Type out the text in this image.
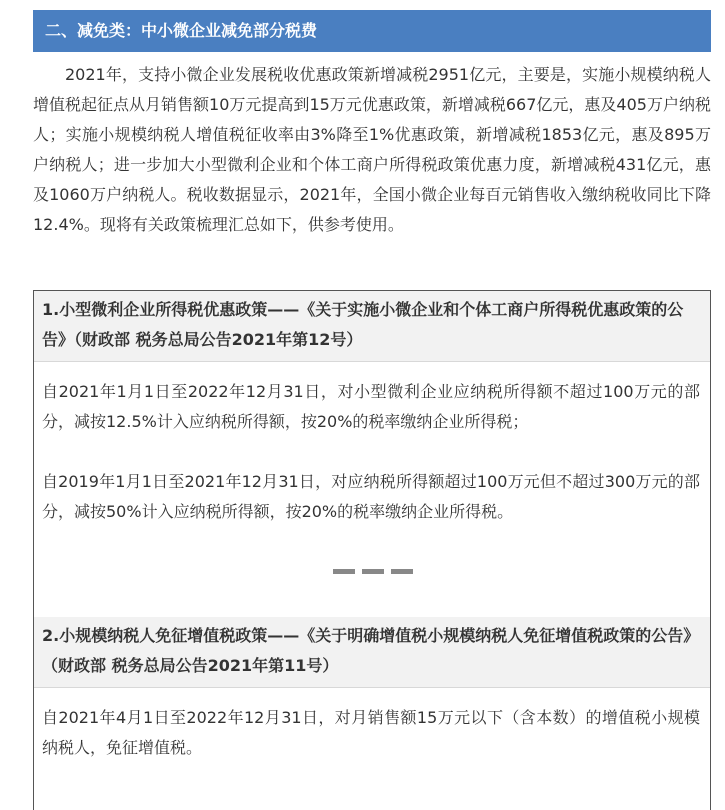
二、减免类：中小微企业减免部分税费

2021年，支持小微企业发展税收优惠政策新增减税2951亿元，主要是，实施小规模纳税人增值税起征点从月销售额10万元提高到15万元优惠政策，新增减税667亿元，惠及405万户纳税人；实施小规模纳税人增值税征收率由3%降至1%优惠政策，新增减税1853亿元，惠及895万户纳税人；进一步加大小型微利企业和个体工商户所得税政策优惠力度，新增减税431亿元，惠及1060万户纳税人。税收数据显示，2021年，全国小微企业每百元销售收入缴纳税收同比下降12.4%。现将有关政策梳理汇总如下，供参考使用。

1.小型微利企业所得税优惠政策——《关于实施小微企业和个体工商户所得税优惠政策的公告》（财政部 税务总局公告2021年第12号）

自2021年1月1日至2022年12月31日，对小型微利企业应纳税所得额不超过100万元的部分，减按12.5%计入应纳税所得额，按20%的税率缴纳企业所得税；

自2019年1月1日至2021年12月31日，对应纳税所得额超过100万元但不超过300万元的部分，减按50%计入应纳税所得额，按20%的税率缴纳企业所得税。

2.小规模纳税人免征增值税政策——《关于明确增值税小规模纳税人免征增值税政策的公告》（财政部 税务总局公告2021年第11号）

自2021年4月1日至2022年12月31日，对月销售额15万元以下（含本数）的增值税小规模纳税人，免征增值税。
